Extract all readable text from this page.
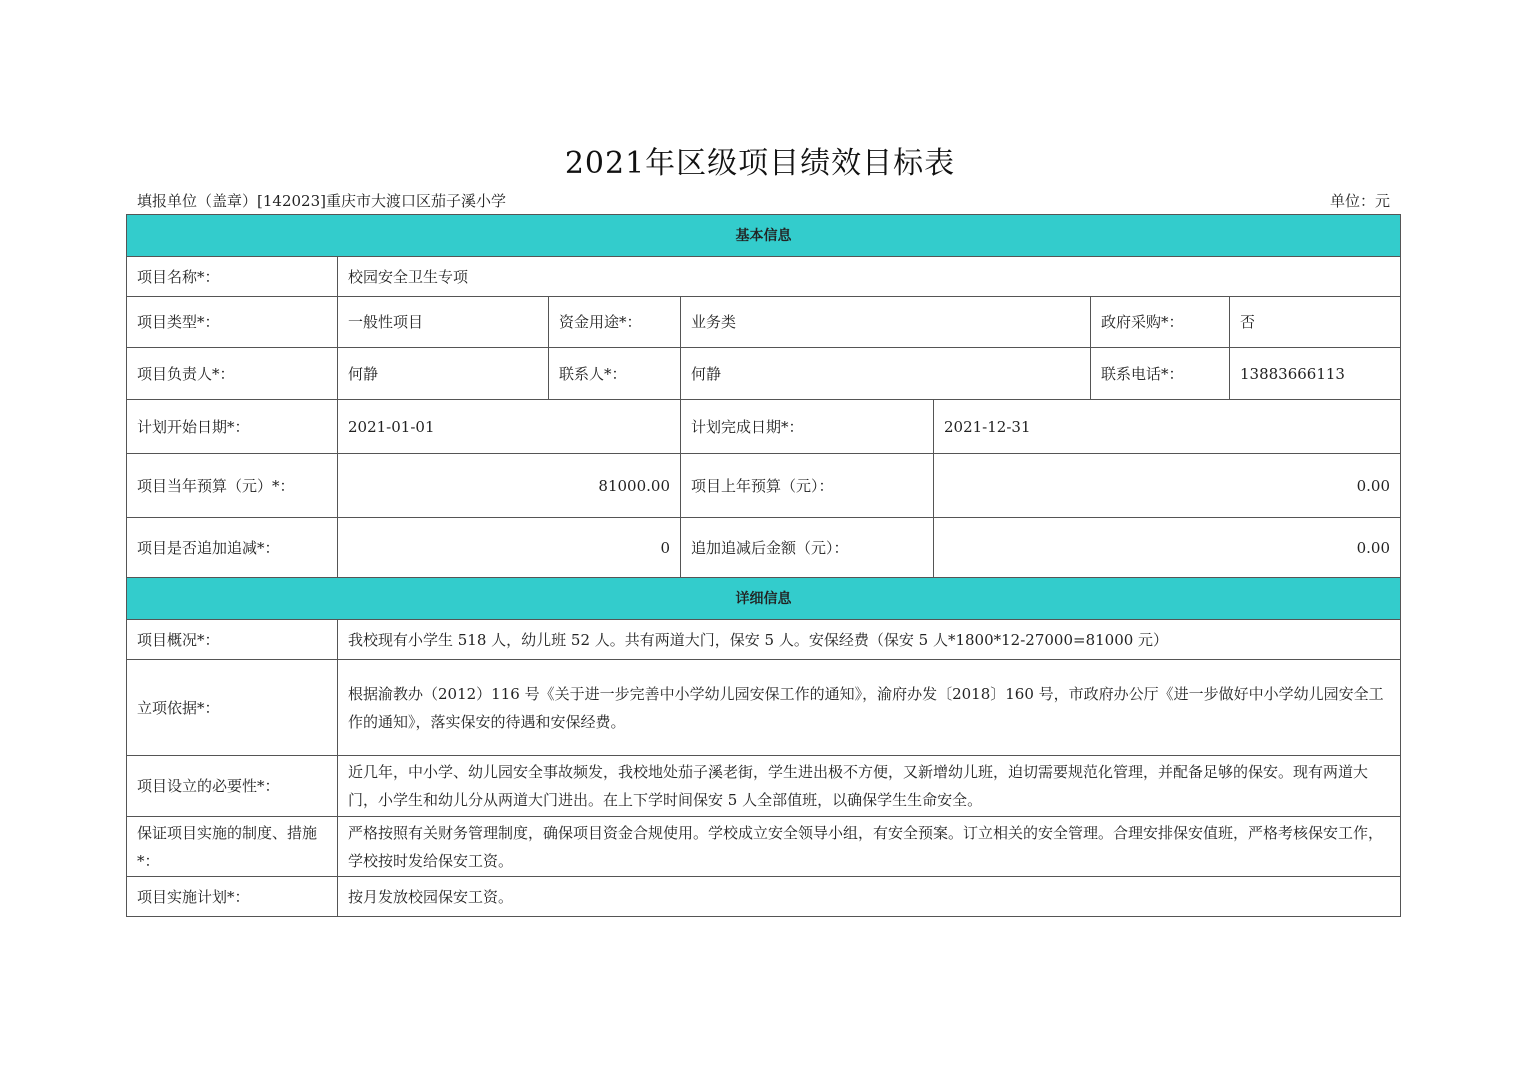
2021年区级项目绩效目标表
填报单位（盖章）[142023]重庆市大渡口区茄子溪小学	单位：元
基本信息						
项目名称*：	校园安全卫生专项					
项目类型*：	一般性项目	资金用途*：	业务类		政府采购*：	否
项目负责人*：	何静	联系人*：	何静		联系电话*：	13883666113
计划开始日期*：	2021-01-01		计划完成日期*：	2021-12-31		
项目当年预算（元）*：	81000.00		项目上年预算（元）：	0.00		
项目是否追加追减*：	0		追加追减后金额（元）：	0.00		
详细信息						
项目概况*：	我校现有小学生 518 人，幼儿班 52 人。共有两道大门，保安 5 人。安保经费（保安 5 人*1800*12-27000=81000 元）					
立项依据*：	根据渝教办（2012）116 号《关于进一步完善中小学幼儿园安保工作的通知》，渝府办发〔2018〕160 号，市政府办公厅《进一步做好中小学幼儿园安全工作的通知》，落实保安的待遇和安保经费。					
项目设立的必要性*：	近几年，中小学、幼儿园安全事故频发，我校地处茄子溪老街，学生进出极不方便，又新增幼儿班，迫切需要规范化管理，并配备足够的保安。现有两道大门，小学生和幼儿分从两道大门进出。在上下学时间保安 5 人全部值班，以确保学生生命安全。					
保证项目实施的制度、措施*：	严格按照有关财务管理制度，确保项目资金合规使用。学校成立安全领导小组，有安全预案。订立相关的安全管理。合理安排保安值班，严格考核保安工作，学校按时发给保安工资。					
项目实施计划*：	按月发放校园保安工资。					
